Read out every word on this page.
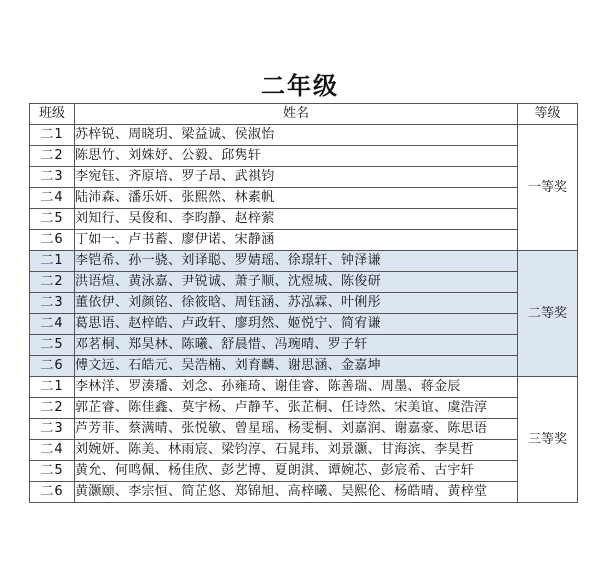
二年级
班级	姓名	等级
二1	苏梓锐、周晓玥、梁益诚、侯淑怡	一等奖
二2	陈思竹、刘姝妤、公毅、邱隽轩	
二3	李宛钰、齐原培、罗子昂、武祺钧	
二4	陆沛森、潘乐妍、张熙然、林素帆	
二5	刘知行、吴俊和、李昀静、赵梓萦	
二6	丁如一、卢书蓄、廖伊诺、宋静涵	
二1	李铠希、孙一骁、刘译聪、罗婧瑶、徐璟轩、钟泽谦	二等奖
二2	洪语煊、黄泳嘉、尹锐诚、萧子顺、沈煜城、陈俊研	
二3	董依伊、刘颜铭、徐筱晗、周钰涵、苏泓霖、叶俐彤	
二4	葛思语、赵梓皓、卢政轩、廖玥然、姬悦宁、简宥谦	
二5	邓茗桐、郑昊林、陈曦、舒晨惜、冯琬晴、罗子轩	
二6	傅文远、石皓元、吴浩楠、刘育麟、谢思涵、金嘉坤	
二1	李林洋、罗湊璠、刘念、孙雍琦、谢佳睿、陈善瑞、周墨、蒋金辰	三等奖
二2	郭芷睿、陈佳鑫、莫宇杨、卢静芊、张芷桐、任诗然、宋美谊、虞浩淳	
二3	芦芳菲、蔡满晴、张悦敏、曾星瑶、杨雯桐、刘嘉润、谢嘉豪、陈思语	
二4	刘婉妍、陈美、林雨宸、梁钧淳、石晁玮、刘景灏、甘海滨、李昊哲	
二5	黄允、何鸣佩、杨佳欣、彭艺博、夏朗淇、谭婉芯、彭宸希、古宇轩	
二6	黄灏颐、李宗恒、简芷悠、郑锦旭、高梓曦、吴熙伦、杨皓晴、黄梓堂	
